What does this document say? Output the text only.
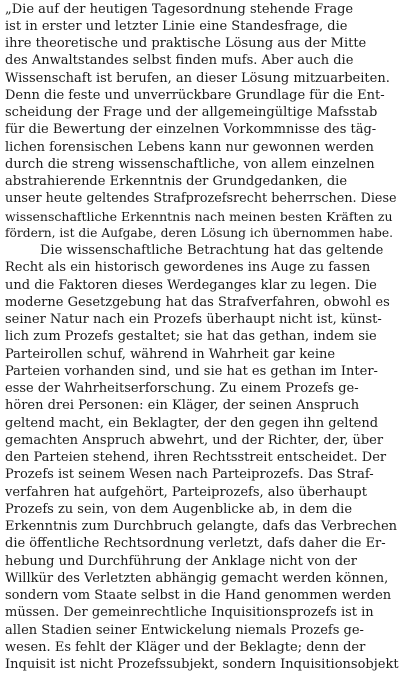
„Die auf der heutigen Tagesordnung stehende Frage
ist in erster und letzter Linie eine Standesfrage, die
ihre theoretische und praktische Lösung aus der Mitte
des Anwaltstandes selbst finden mufs. Aber auch die
Wissenschaft ist berufen, an dieser Lösung mitzuarbeiten.
Denn die feste und unverrückbare Grundlage für die Ent-
scheidung der Frage und der allgemeingültige Mafsstab
für die Bewertung der einzelnen Vorkommnisse des täg-
lichen forensischen Lebens kann nur gewonnen werden
durch die streng wissenschaftliche, von allem einzelnen
abstrahierende Erkenntnis der Grundgedanken, die
unser heute geltendes Strafprozefsrecht beherrschen. Diese
wissenschaftliche Erkenntnis nach meinen besten Kräften zu
fördern, ist die Aufgabe, deren Lösung ich übernommen habe.
Die wissenschaftliche Betrachtung hat das geltende
Recht als ein historisch gewordenes ins Auge zu fassen
und die Faktoren dieses Werdeganges klar zu legen. Die
moderne Gesetzgebung hat das Strafverfahren, obwohl es
seiner Natur nach ein Prozefs überhaupt nicht ist, künst-
lich zum Prozefs gestaltet; sie hat das gethan, indem sie
Parteirollen schuf, während in Wahrheit gar keine
Parteien vorhanden sind, und sie hat es gethan im Inter-
esse der Wahrheitserforschung. Zu einem Prozefs ge-
hören drei Personen: ein Kläger, der seinen Anspruch
geltend macht, ein Beklagter, der den gegen ihn geltend
gemachten Anspruch abwehrt, und der Richter, der, über
den Parteien stehend, ihren Rechtsstreit entscheidet. Der
Prozefs ist seinem Wesen nach Parteiprozefs. Das Straf-
verfahren hat aufgehört, Parteiprozefs, also überhaupt
Prozefs zu sein, von dem Augenblicke ab, in dem die
Erkenntnis zum Durchbruch gelangte, dafs das Verbrechen
die öffentliche Rechtsordnung verletzt, dafs daher die Er-
hebung und Durchführung der Anklage nicht von der
Willkür des Verletzten abhängig gemacht werden können,
sondern vom Staate selbst in die Hand genommen werden
müssen. Der gemeinrechtliche Inquisitionsprozefs ist in
allen Stadien seiner Entwickelung niemals Prozefs ge-
wesen. Es fehlt der Kläger und der Beklagte; denn der
Inquisit ist nicht Prozefssubjekt, sondern Inquisitionsobjekt
